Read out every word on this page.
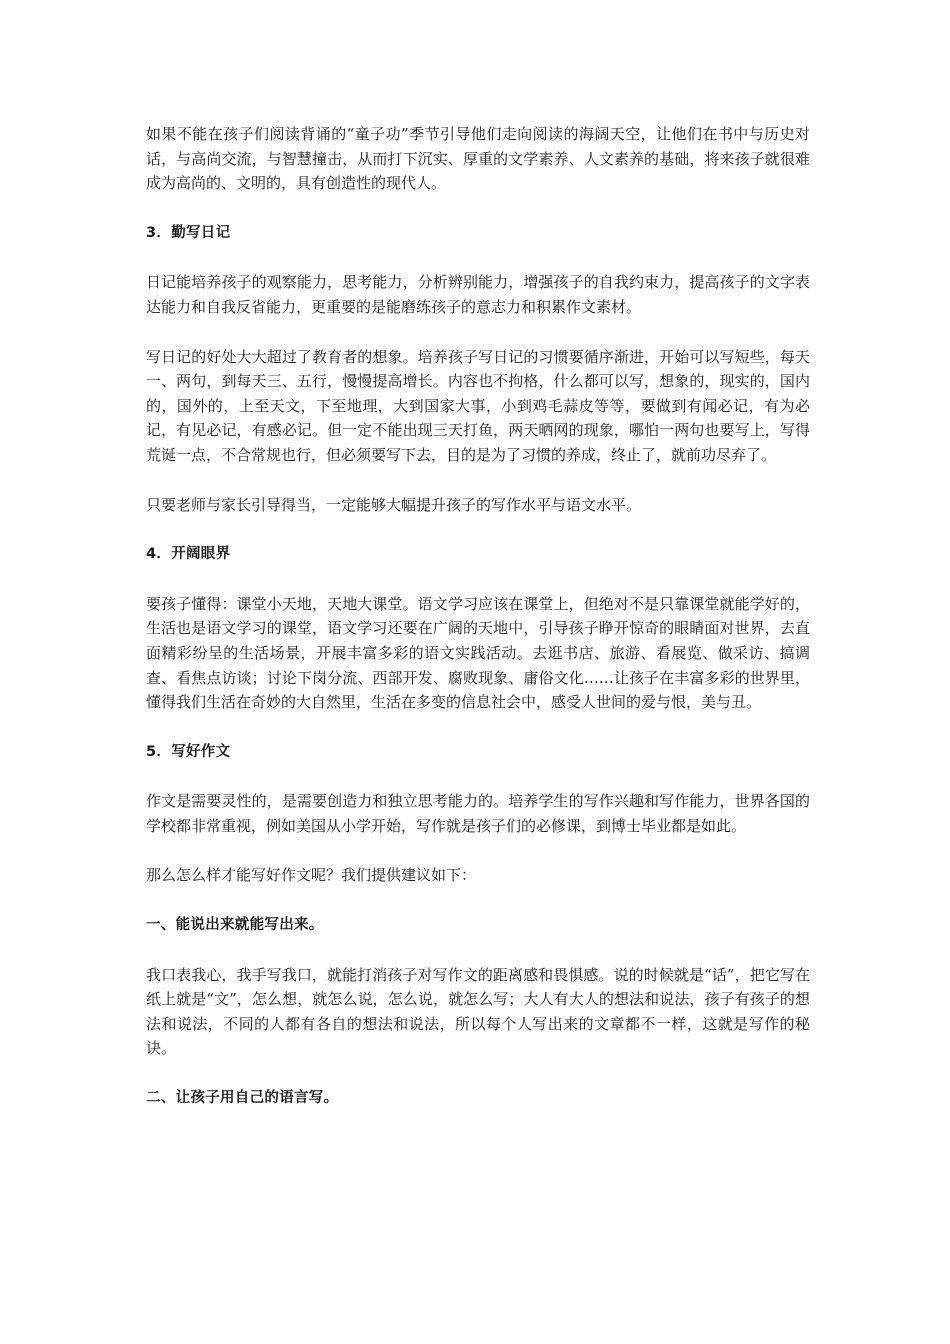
如果不能在孩子们阅读背诵的“童子功”季节引导他们走向阅读的海阔天空，让他们在书中与历史对话，与高尚交流，与智慧撞击，从而打下沉实、厚重的文学素养、人文素养的基础，将来孩子就很难成为高尚的、文明的，具有创造性的现代人。

3．勤写日记

日记能培养孩子的观察能力，思考能力，分析辨别能力，增强孩子的自我约束力，提高孩子的文字表达能力和自我反省能力，更重要的是能磨练孩子的意志力和积累作文素材。

写日记的好处大大超过了教育者的想象。培养孩子写日记的习惯要循序渐进，开始可以写短些，每天一、两句，到每天三、五行，慢慢提高增长。内容也不拘格，什么都可以写，想象的，现实的，国内的，国外的，上至天文，下至地理，大到国家大事，小到鸡毛蒜皮等等，要做到有闻必记，有为必记，有见必记，有感必记。但一定不能出现三天打鱼，两天晒网的现象，哪怕一两句也要写上，写得荒诞一点，不合常规也行，但必须要写下去，目的是为了习惯的养成，终止了，就前功尽弃了。

只要老师与家长引导得当，一定能够大幅提升孩子的写作水平与语文水平。

4．开阔眼界

要孩子懂得：课堂小天地，天地大课堂。语文学习应该在课堂上，但绝对不是只靠课堂就能学好的，生活也是语文学习的课堂，语文学习还要在广阔的天地中，引导孩子睁开惊奇的眼睛面对世界，去直面精彩纷呈的生活场景，开展丰富多彩的语文实践活动。去逛书店、旅游、看展览、做采访、搞调查、看焦点访谈；讨论下岗分流、西部开发、腐败现象、庸俗文化……让孩子在丰富多彩的世界里，懂得我们生活在奇妙的大自然里，生活在多变的信息社会中，感受人世间的爱与恨，美与丑。

5．写好作文

作文是需要灵性的，是需要创造力和独立思考能力的。培养学生的写作兴趣和写作能力，世界各国的学校都非常重视，例如美国从小学开始，写作就是孩子们的必修课，到博士毕业都是如此。

那么怎么样才能写好作文呢？我们提供建议如下：

一、能说出来就能写出来。

我口表我心，我手写我口，就能打消孩子对写作文的距离感和畏惧感。说的时候就是“话”，把它写在纸上就是“文”，怎么想，就怎么说，怎么说，就怎么写；大人有大人的想法和说法，孩子有孩子的想法和说法，不同的人都有各自的想法和说法，所以每个人写出来的文章都不一样，这就是写作的秘诀。

二、让孩子用自己的语言写。
